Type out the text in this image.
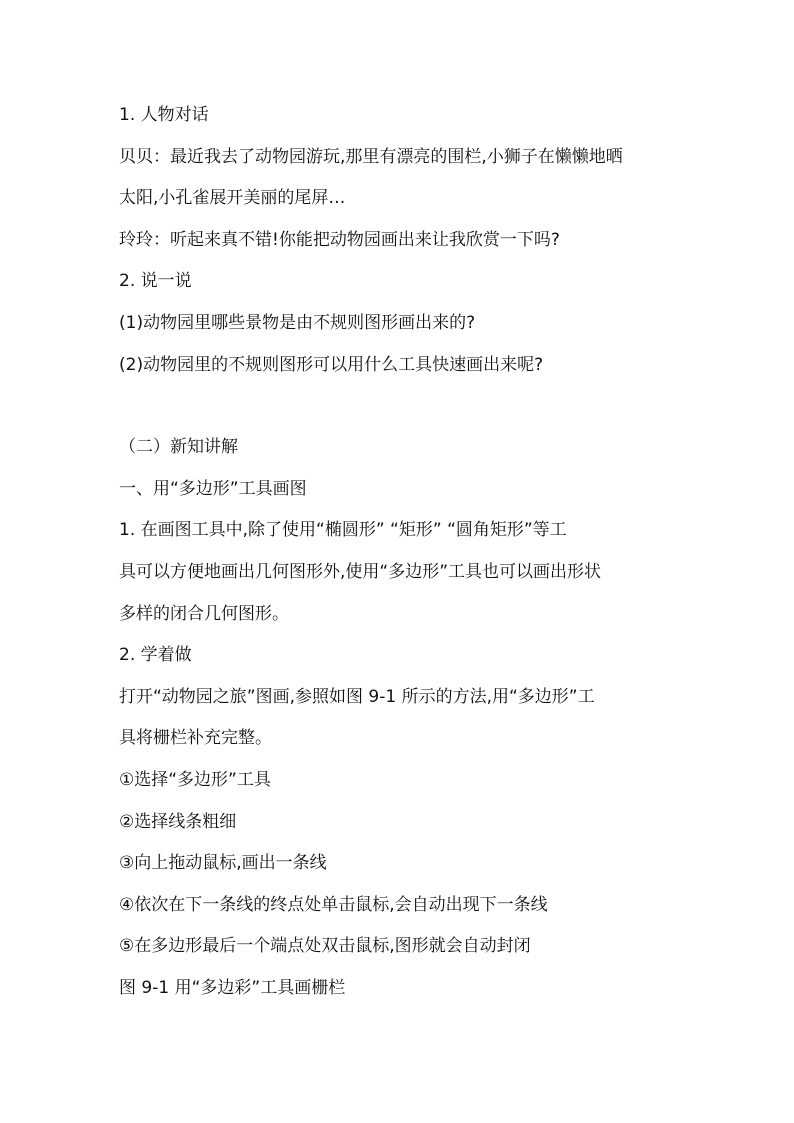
1. 人物对话
贝贝：最近我去了动物园游玩,那里有漂亮的围栏,小狮子在懒懒地晒
太阳,小孔雀展开美丽的尾屏…
玲玲：听起来真不错!你能把动物园画出来让我欣赏一下吗?
2. 说一说
(1)动物园里哪些景物是由不规则图形画出来的?
(2)动物园里的不规则图形可以用什么工具快速画出来呢?
（二）新知讲解
一、用“多边形”工具画图
1. 在画图工具中,除了使用“椭圆形” “矩形” “圆角矩形”等工
具可以方便地画出几何图形外,使用“多边形”工具也可以画出形状
多样的闭合几何图形。
2. 学着做
打开“动物园之旅”图画,参照如图 9-1 所示的方法,用“多边形”工
具将栅栏补充完整。
①选择“多边形”工具
②选择线条粗细
③向上拖动鼠标,画出一条线
④依次在下一条线的终点处单击鼠标,会自动出现下一条线
⑤在多边形最后一个端点处双击鼠标,图形就会自动封闭
图 9-1 用“多边彩”工具画栅栏
